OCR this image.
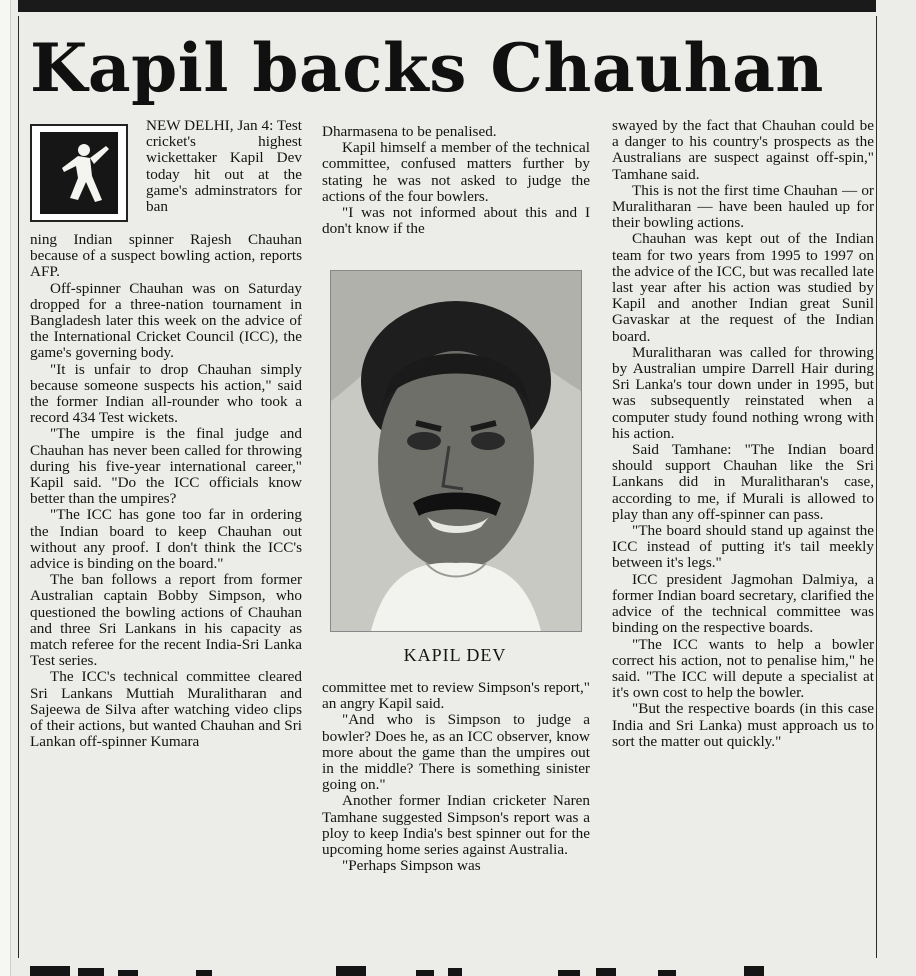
Kapil backs Chauhan

NEW DELHI, Jan 4: Test cricket's highest wickettaker Kapil Dev today hit out at the game's adminstrators for ban

ning Indian spinner Rajesh Chauhan because of a suspect bowling action, reports AFP.

Off-spinner Chauhan was on Saturday dropped for a three-nation tournament in Bangladesh later this week on the advice of the International Cricket Council (ICC), the game's governing body.

"It is unfair to drop Chauhan simply because someone suspects his action," said the former Indian all-rounder who took a record 434 Test wickets.

"The umpire is the final judge and Chauhan has never been called for throwing during his five-year international career," Kapil said. "Do the ICC officials know better than the umpires?

"The ICC has gone too far in ordering the Indian board to keep Chauhan out without any proof. I don't think the ICC's advice is binding on the board."

The ban follows a report from former Australian captain Bobby Simpson, who questioned the bowling actions of Chauhan and three Sri Lankans in his capacity as match referee for the recent India-Sri Lanka Test series.

The ICC's technical committee cleared Sri Lankans Muttiah Muralitharan and Sajeewa de Silva after watching video clips of their actions, but wanted Chauhan and Sri Lankan off-spinner Kumara

Dharmasena to be penalised.

Kapil himself a member of the technical committee, confused matters further by stating he was not asked to judge the actions of the four bowlers.

"I was not informed about this and I don't know if the

KAPIL DEV

committee met to review Simpson's report," an angry Kapil said.

"And who is Simpson to judge a bowler? Does he, as an ICC observer, know more about the game than the umpires out in the middle? There is something sinister going on."

Another former Indian cricketer Naren Tamhane suggested Simpson's report was a ploy to keep India's best spinner out for the upcoming home series against Australia.

"Perhaps Simpson was

swayed by the fact that Chauhan could be a danger to his country's prospects as the Australians are suspect against off-spin," Tamhane said.

This is not the first time Chauhan — or Muralitharan — have been hauled up for their bowling actions.

Chauhan was kept out of the Indian team for two years from 1995 to 1997 on the advice of the ICC, but was recalled late last year after his action was studied by Kapil and another Indian great Sunil Gavaskar at the request of the Indian board.

Muralitharan was called for throwing by Australian umpire Darrell Hair during Sri Lanka's tour down under in 1995, but was subsequently reinstated when a computer study found nothing wrong with his action.

Said Tamhane: "The Indian board should support Chauhan like the Sri Lankans did in Muralitharan's case, according to me, if Murali is allowed to play than any off-spinner can pass.

"The board should stand up against the ICC instead of putting it's tail meekly between it's legs."

ICC president Jagmohan Dalmiya, a former Indian board secretary, clarified the advice of the technical committee was binding on the respective boards.

"The ICC wants to help a bowler correct his action, not to penalise him," he said. "The ICC will depute a specialist at it's own cost to help the bowler.

"But the respective boards (in this case India and Sri Lanka) must approach us to sort the matter out quickly."
